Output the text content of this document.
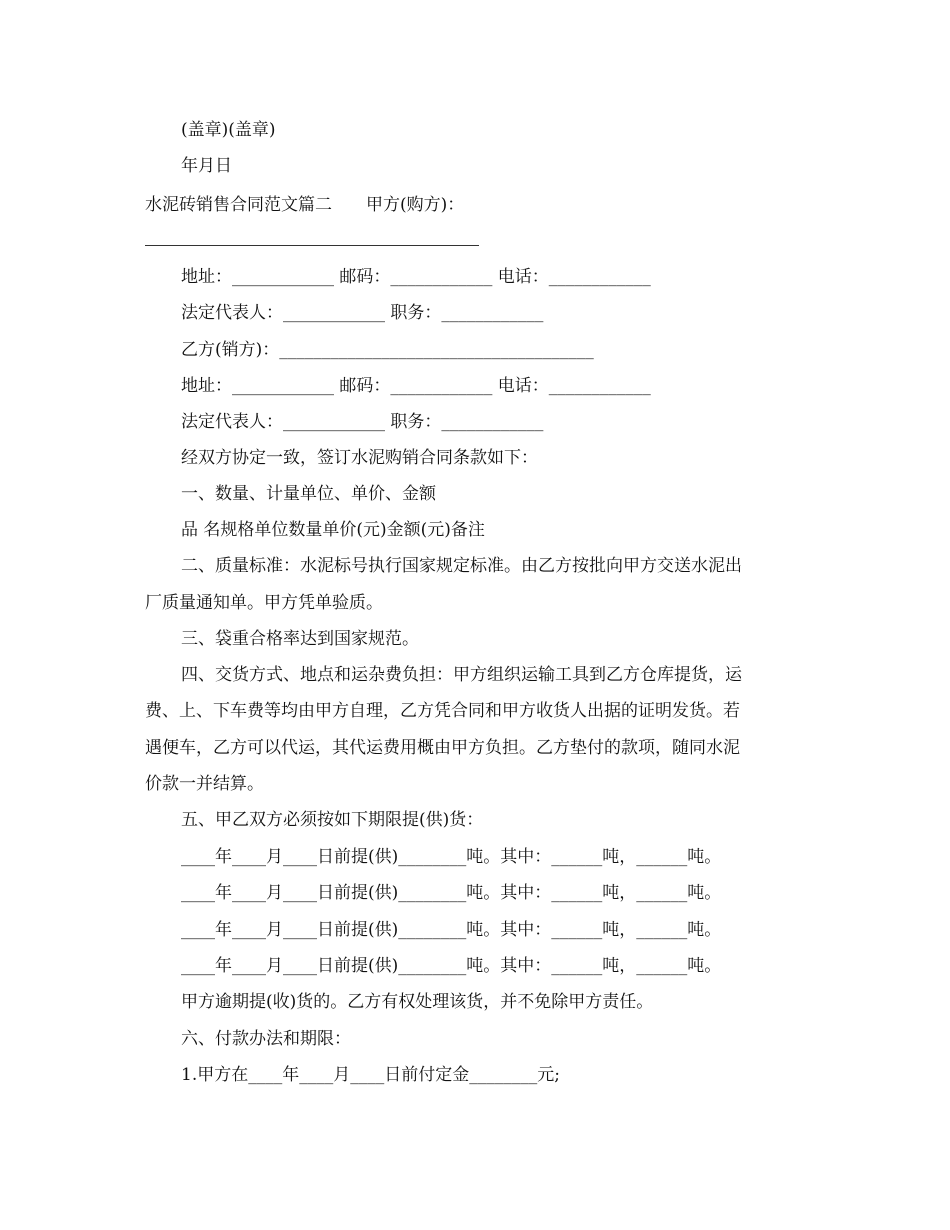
(盖章)(盖章)
年月日
水泥砖销售合同范文篇二　　甲方(购方)：
地址：____________ 邮码：____________ 电话：____________
法定代表人：____________ 职务：____________
乙方(销方)：_____________________________________
地址：____________ 邮码：____________ 电话：____________
法定代表人：____________ 职务：____________
经双方协定一致，签订水泥购销合同条款如下：
一、数量、计量单位、单价、金额
品 名规格单位数量单价(元)金额(元)备注
二、质量标准：水泥标号执行国家规定标准。由乙方按批向甲方交送水泥出
厂质量通知单。甲方凭单验质。
三、袋重合格率达到国家规范。
四、交货方式、地点和运杂费负担：甲方组织运输工具到乙方仓库提货，运
费、上、下车费等均由甲方自理，乙方凭合同和甲方收货人出据的证明发货。若
遇便车，乙方可以代运，其代运费用概由甲方负担。乙方垫付的款项，随同水泥
价款一并结算。
五、甲乙双方必须按如下期限提(供)货：
____年____月____日前提(供)________吨。其中：______吨，______吨。
____年____月____日前提(供)________吨。其中：______吨，______吨。
____年____月____日前提(供)________吨。其中：______吨，______吨。
____年____月____日前提(供)________吨。其中：______吨，______吨。
甲方逾期提(收)货的。乙方有权处理该货，并不免除甲方责任。
六、付款办法和期限：
1.甲方在____年____月____日前付定金________元;
